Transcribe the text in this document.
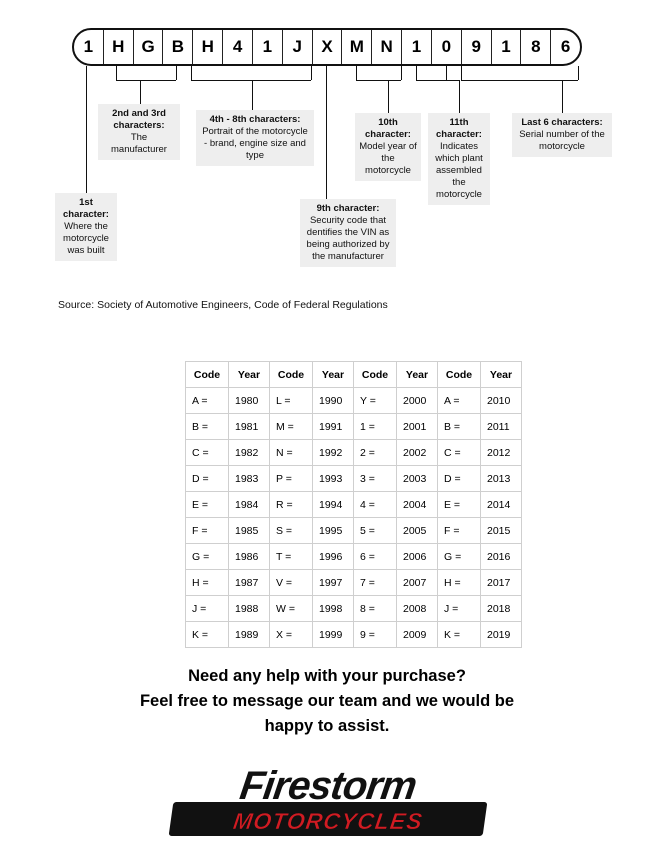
1	H	G	B	H	4	1	J	X	M N	1	0	9	1	8	6
1st character:
Where the motorcycle was built
2nd and 3rd characters:
The manufacturer
4th - 8th characters:
Portrait of the motorcycle - brand, engine size and type
9th character:
Security code that dentifies the VIN as being authorized by the manufacturer
10th character:
Model year of the motorcycle
11th character:
Indicates which plant assembled the motorcycle
Last 6 characters:
Serial number of the motorcycle
Source: Society of Automotive Engineers, Code of Federal Regulations
Code	Year	Code	Year	Code	Year	Code	Year
A =	1980	L =	1990	Y =	2000	A =	2010
B =	1981	M =	1991	1 =	2001	B =	2011
C =	1982	N =	1992	2 =	2002	C =	2012
D =	1983	P =	1993	3 =	2003	D =	2013
E =	1984	R =	1994	4 =	2004	E =	2014
F =	1985	S =	1995	5 =	2005	F =	2015
G =	1986	T =	1996	6 =	2006	G =	2016
H =	1987	V =	1997	7 =	2007	H =	2017
J =	1988	W =	1998	8 =	2008	J =	2018
K =	1989	X =	1999	9 =	2009	K =	2019
Need any help with your purchase?
Feel free to message our team and we would be
happy to assist.
Firestorm
MOTORCYCLES
